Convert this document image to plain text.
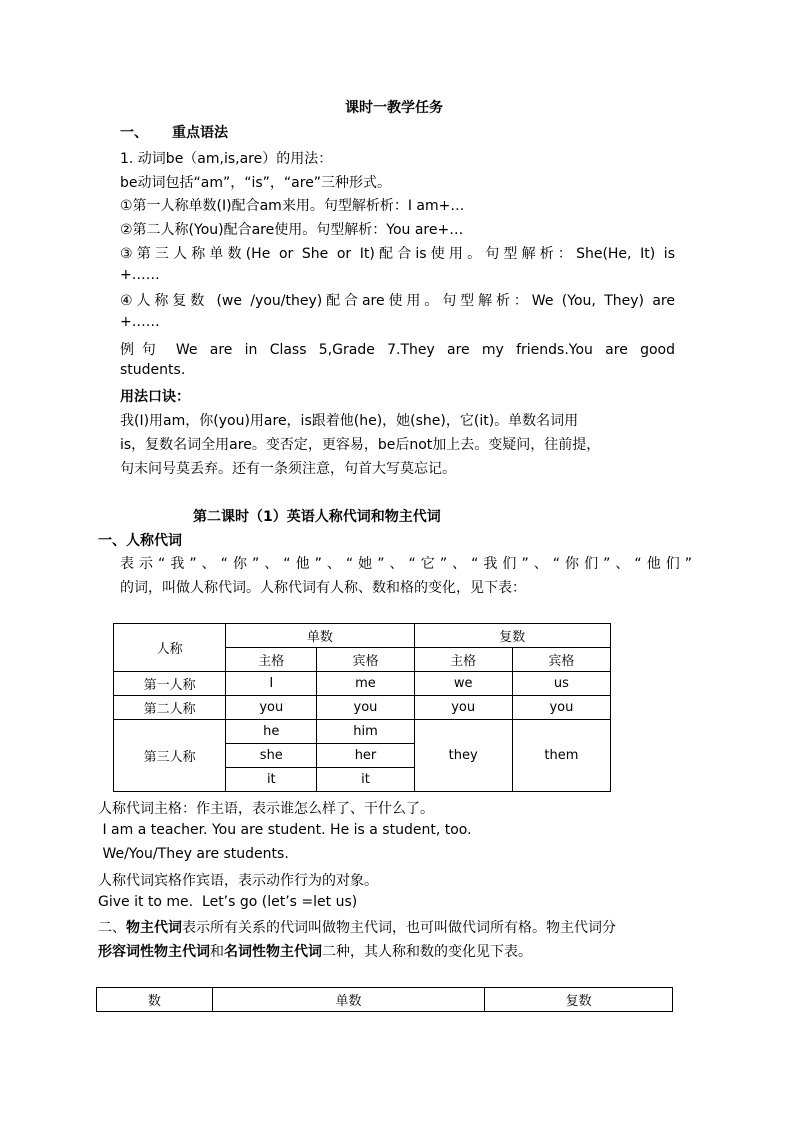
课时一教学任务
一、 重点语法
1. 动词be（am,is,are）的用法：
be动词包括“am”，“is”，“are”三种形式。
①第一人称单数(I)配合am来用。句型解析析：I am+…
②第二人称(You)配合are使用。句型解析：You are+…
③第三人称单数(He or She or It)配合is使用。句型解析：She(He, It) is
+……
④人称复数 (we /you/they)配合are使用。句型解析：We (You, They) are
+……
例句 We are in Class 5,Grade 7.They are my friends.You are good
students.
用法口诀：
我(I)用am，你(you)用are，is跟着他(he)，她(she)，它(it)。单数名词用
is，复数名词全用are。变否定，更容易，be后not加上去。变疑问，往前提，
句末问号莫丢弃。还有一条须注意，句首大写莫忘记。
第二课时（1）英语人称代词和物主代词
一、人称代词
表示“我”、“你”、“他”、“她”、“它”、“我们”、“你们”、“他们”
的词，叫做人称代词。人称代词有人称、数和格的变化，见下表：
人称	单数		复数	
	主格	宾格	主格	宾格
第一人称	I	me	we	us
第二人称	you	you	you	you
第三人称	he	him	they	them
	she	her		
	it	it		
人称代词主格：作主语，表示谁怎么样了、干什么了。
I am a teacher. You are student. He is a student, too.
We/You/They are students.
人称代词宾格作宾语，表示动作行为的对象。
Give it to me.  Let’s go (let’s =let us)
二、物主代词表示所有关系的代词叫做物主代词，也可叫做代词所有格。物主代词分
形容词性物主代词和名词性物主代词二种，其人称和数的变化见下表。
数	单数	复数
